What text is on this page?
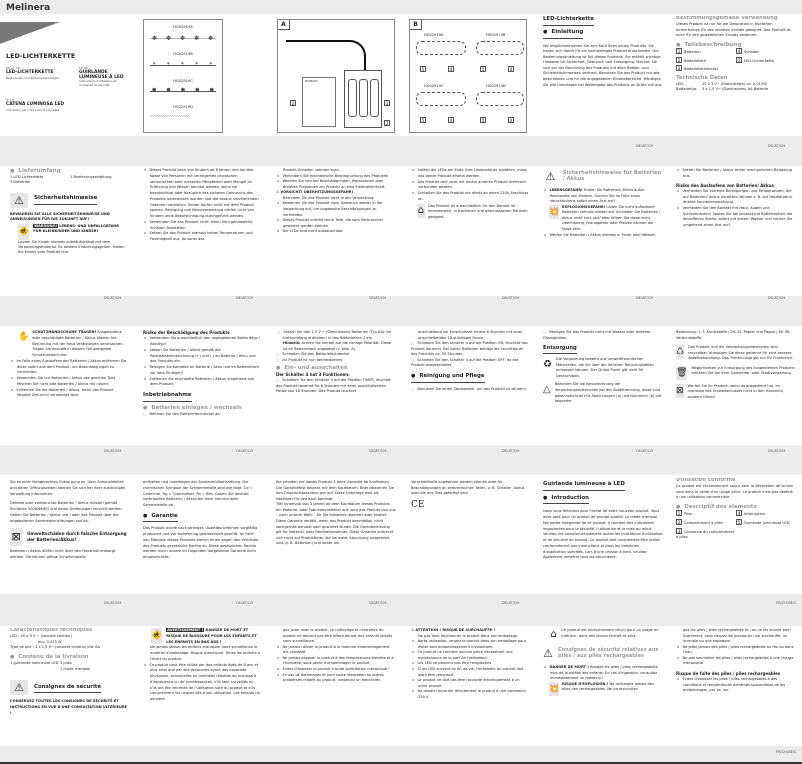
Melinera
LED-LICHTERKETTE
DE AT CH
LED-LICHTERKETTE
Bedienungs- und Sicherheitshinweise
FR BE
GUIRLANDE LUMINEUSE À LED
Instructions d'utilisation et consignes de sécurité
IT CH
CATENA LUMINOSA LED
Indicazioni per l'uso e per la sicurezza
HG02919A
✽✽✽✽✽
HG02919B
✶✶✶✶✶
HG02919C
●●●●●
HG02919D
〰〰〰〰〰〰〰〰〰
A
MULMOVO
2	1
2
B
HG02919A	HG02919B
HG02919C	HG02919D
5	4	5	4
5	4	5	4
LED-Lichterkette
● Einleitung

Wir beglückwünschen Sie zum Kauf Ihres neuen Produkts. Sie haben sich damit für ein hochwertiges Produkt entschieden. Die Bedienungsanleitung ist Teil dieses Produkts. Sie enthält wichtige Hinweise für Sicherheit, Gebrauch und Entsorgung. Machen Sie sich vor der Benutzung des Produkts mit allen Bedien- und Sicherheitshinweisen vertraut. Benutzen Sie das Produkt nur wie beschrieben und für die angegebenen Einsatzbereiche. Händigen Sie alle Unterlagen bei Weitergabe des Produkts an Dritte mit aus.

Bestimmungsgemäße Verwendung

Dieses Produkt ist nur für die Dekoration in trockenen Innenräumen für den privaten Einsatz geeignet. Das Produkt ist nicht für den gewerblichen Einsatz bestimmt.

● Teilebeschreibung
1 Batterien	4 Schalter
2 Batteriefach	5 LED-Lichterkette
3 Batteriefachdeckel
Technische Daten
LED:	20 x 3 V⎓ (Gleichstrom) ca. 0,015W
Batterietyp: 3 x 1,5 V⎓ (Gleichstrom) AA Batterie
DE/AT/CH	DE/AT/CH
● Lieferumfang
1 LED-Lichterkette	1 Bedienungsanleitung
3 Batterien
⚠	Sicherheitshinweise

BEWAHREN SIE ALLE SICHERHEITSHINWEISE UND ANWEISUNGEN FÜR DIE ZUKUNFT AUF!

🚸
WARNUNG! LEBENS- UND UNFALLGEFAHR FÜR KLEINKINDER UND KINDER!

Lassen Sie Kinder niemals unbeaufsichtigt mit dem Verpackungsmaterial. Es besteht Erstickungsgefahr. Halten Sie Kinder vom Produkt fern.

▪ Dieses Produkt kann von Kindern ab 8 Jahren und darüber sowie von Personen mit verringerten physischen, sensorischen oder mentalen Fähigkeiten oder Mangel an Erfahrung und Wissen benutzt werden, wenn sie beaufsichtigt oder bezüglich des sicheren Gebrauchs des Produkts unterwiesen wurden und die daraus resultierenden Gefahren verstehen. Kinder dürfen nicht mit dem Produkt spielen. Reinigung und Benutzerwartung dürfen nicht von Kindern ohne Beaufsichtigung durchgeführt werden.

▪ Verwenden Sie das Produkt nicht, wenn Sie irgendwelche Schäden feststellen.

▪ Setzen Sie das Produkt niemals hohen Temperaturen und Feuchtigkeit aus, da sonst das

Produkt Schaden nehmen kann.

▪ Verhindern Sie mechanische Beanspruchung des Produkts!

▪ Wenden Sie sich bei Beschädigungen, Reparaturen oder anderen Problemen am Produkt an eine Elektrofachkraft.

⚠ VORSICHT! ÜBERHITZUNGSGEFAHR!

Betreiben Sie das Produkt nicht in der Verpackung.

▪ Bewahren Sie das Produkt nach Gebrauch wieder in der Verpackung auf, um ungewollte Beschädigungen zu vermeiden.

▪ Dieses Produkt enthält keine Teile, die vom Verbraucher gewartet werden können.

▪ Die LEDs sind nicht austauschbar.

▪ Sollten die LEDs am Ende ihrer Lebensdauer ausfallen, muss das ganze Produkt ersetzt werden.

▪ Das Produkt darf nicht mit einem anderen Produkt elektrisch verbunden werden.

▪ Schließen Sie das Produkt nie direkt an einen 230V-Anschluss an.

⌂ Das Produkt ist ausschließlich für den Betrieb im Innenbereich, in trockenen und geschlossenen Räumen geeignet.

⚠	Sicherheitshinweise für Batterien / Akkus

▪ LEBENSGEFAHR! Halten Sie Batterien/ Akkus außer Reichweite von Kindern. Suchen Sie im Falle eines Verschluckens sofort einen Arzt auf!

💥 EXPLOSIONSGEFAHR! Laden Sie nicht aufladbare Batterien niemals wieder auf. Schließen Sie Batterien / Akkus nicht kurz und/ oder öffnen Sie diese nicht. Überhitzung, Brandgefahr oder Platzen können die Folge sein.

▪ Werfen Sie Batterien / Akkus niemals in Feuer oder Wasser.

▪ Setzen Sie Batterien / Akkus keiner mechanischen Belastung aus.

Risiko des Auslaufens von Batterien/ Akkus

▪ Vermeiden Sie extreme Bedingungen und Temperaturen, die auf Batterien/ Akkus einwirken können z. B. auf Heizkörpern/ direkte Sonneneinstrahlung.

▪ Vermeiden Sie den Kontakt mit Haut, Augen und Schleimhäuten! Spülen Sie bei Kontakt mit Batteriesäure die betroffenen Stellen sofort mit klarem Wasser und suchen Sie umgehend einen Arzt auf!

DE/AT/CH	DE/AT/CH	DE/AT/CH	DE/AT/CH	DE/AT/CH	DE/AT/CH
✋ SCHUTZHANDSCHUHE TRAGEN! Ausgelaufene oder beschädigte Batterien / Akkus können bei Berührung mit der Haut Verätzungen verursachen. Tragen Sie deshalb in diesem Fall geeignete Schutzhandschuhe.

▪ Im Falle eines Auslaufens der Batterien / Akkus entfernen Sie diese sofort aus dem Produkt, um Beschädigungen zu vermeiden.

▪ Verwenden Sie nur Batterien / Akkus des gleichen Typs. Mischen Sie nicht alte Batterien / Akkus mit neuen!

▪ Entfernen Sie die Batterien / Akkus, wenn das Produkt längere Zeit nicht verwendet wird.

Risiko der Beschädigung des Produkts

▪ Verwenden Sie ausschließlich den angegebenen Batterietyp / Akkutyp!

▪ Setzen Sie Batterien / Akkus gemäß der Polaritätskennzeichnung (+) und (-) an Batterie / Akku und des Produkts ein.

▪ Reinigen Sie Kontakte an Batterie / Akku und im Batteriefach vor dem Einlegen!

▪ Entfernen Sie erschöpfte Batterien / Akkus umgehend aus dem Produkt.

Inbetriebnahme
● Batterien einlegen / wechseln

□ Nehmen Sie den Batteriefachdeckel ab.

□ Setzen Sie drei 1,5 V ⎓ (Gleichstrom) Batterien (Typ AA) (im Lieferumfang enthalten) in das Batteriefach 2 ein.

Hinweis: Achten Sie hierbei auf die richtige Polarität. Diese ist im Batteriefach angezeigt (s. Abb. A).

□ Schließen Sie den Batteriefachdeckel.

□ Ihr Produkt ist nun betriebsbereit.

● Ein- und ausschalten

Der Schalter 4 hat 3 Funktionen:

□ Schieben Sie den Schalter 4 auf die Position TIMER, leuchtet das Produkt dauernd für 6 Stunden mit einer anschließenden Pause von 18 Stunden. Das Produkt leuchtet

anschließend zur Einschaltzeit erneut 6 Stunden mit einer anschließenden 18-stündigen Pause.

□ Schieben Sie den Schalter 4 auf die Position ON, leuchtet das Produkt dauernd. Bei vollen Batterien beträgt die Leuchtdauer des Produkts ca. 50 Stunden.

□ Schieben Sie den Schalter 4 auf die Position OFF, ist das Produkt ausgeschaltet.

● Reinigung und Pflege

□ Benutzen Sie einen Staubwedel, um das Produkt zu säubern.

□ Reinigen Sie das Produkt nicht mit Wasser oder anderen Flüssigkeiten.

Entsorgung
♻ Die Verpackung besteht aus umweltfreundlichen Materialien, die Sie über die örtlichen Recyclingstellen entsorgen können. Der Grüne Punkt gilt nicht für Deutschland.

△ Beachten Sie die Kennzeichnung der Verpackungsmaterialien bei der Abfalltrennung, diese sind gekennzeichnet mit Abkürzungen (a) und Nummern (b) mit folgender

Bedeutung: 1–7: Kunststoffe / 20–22: Papier und Pappe / 80–98: Verbundstoffe.

♺ Das Produkt und die Verpackungsmaterialien sind recycelbar, entsorgen Sie diese getrennt für eine bessere Abfallbehandlung. Das Triman-Logo gilt nur für Frankreich.

🗑 Möglichkeiten zur Entsorgung des ausgedienten Produkts erfahren Sie bei Ihrer Gemeinde- oder Stadtverwaltung.

⊠ Werfen Sie Ihr Produkt, wenn es ausgedient hat, im Interesse des Umweltschutzes nicht in den Hausmüll, sondern führen

DE/AT/CH	DE/AT/CH	DE/AT/CH	DE/AT/CH	DE/AT/CH	DE/AT/CH

Sie es einer fachgerechten Entsorgung zu. Über Sammelstellen und deren Öffnungszeiten können Sie sich bei Ihrer zuständigen Verwaltung informieren.

Defekte oder verbrauchte Batterien / Akkus müssen gemäß Richtlinie 2006/66/EG und deren Änderungen recycelt werden. Geben Sie Batterien / Akkus und / oder das Produkt über die angebotenen Sammeleinrichtungen zurück.

⊠	Umweltschäden durch falsche Entsorgung der Batterien/Akkus!

Batterien / Akkus dürfen nicht über den Hausmüll entsorgt werden. Sie können giftige Schwermetalle

enthalten und unterliegen der Sondermüllbehandlung. Die chemischen Symbole der Schwermetalle sind wie folgt: Cd = Cadmium, Hg = Quecksilber, Pb = Blei. Geben Sie deshalb verbrauchte Batterien / Akkus bei einer kommunalen Sammelstelle ab.

● Garantie

Das Produkt wurde nach strengen Qualitätsrichtlinien sorgfältig produziert und vor Anlieferung gewissenhaft geprüft. Im Falle von Mängeln dieses Produkts stehen Ihnen gegen den Verkäufer des Produkts gesetzliche Rechte zu. Diese gesetzlichen Rechte werden durch unsere im Folgenden dargestellte Garantie nicht eingeschränkt.

Sie erhalten auf dieses Produkt 3 Jahre Garantie ab Kaufdatum. Die Garantiefrist beginnt mit dem Kaufdatum. Bitte bewahren Sie den Original-Kassenbon gut auf. Diese Unterlage wird als Nachweis für den Kauf benötigt.

Tritt innerhalb von 3 Jahren ab dem Kaufdatum dieses Produkts ein Material- oder Fabrikationsfehler auf, wird das Produkt von uns – nach unserer Wahl – für Sie kostenlos repariert oder ersetzt. Diese Garantie verfällt, wenn das Produkt beschädigt, nicht sachgemäß benutzt oder gewartet wurde. Die Garantieleistung gilt für Material- oder Fabrikationsfehler. Diese Garantie erstreckt sich nicht auf Produktteile, die normaler Abnutzung ausgesetzt sind (z. B. Batterien) und daher als

Verschleißteile angesehen werden können oder für Beschädigungen an zerbrechlichen Teilen, z. B. Schalter, Akkus oder die aus Glas gefertigt sind.

CE
Guirlande lumineuse à LED
● Introduction

Nous vous félicitons pour l'achat de votre nouveau produit. Vous avez opté pour un produit de grande qualité. Le mode d'emploi fait partie intégrante de ce produit. Il contient des indications importantes pour la sécurité, l'utilisation et la mise au rebut. Veuillez lire consciencieusement toutes les indications d'utilisation et de sécurité du produit. Ce produit doit uniquement être utilisé conformément aux instructions et dans les domaines d'application spécifiés. Lors d'une cession à tiers, veuillez également remettre tous les documents.

Utilisation conforme

Ce produit est exclusivement conçu pour la décoration de locaux secs dans le cadre d'un usage privé. Le produit n'est pas destiné à une utilisation commerciale.

● Descriptif des éléments
1 Piles	4 Interrupteur
2 Compartiment à piles	5 Guirlande lumineuse LED
3 Couvercle du compartiment à piles
DE/AT/CH	DE/AT/CH	DE/AT/CH	DE/AT/CH	FR/CH/BE/C
Caractéristiques techniques

LED : 20 x 3 V ⎓ (courant continu)

env. 0,015 W

Type de pile : 3 x 1,5 V⎓ (courant continu) pile AA

● Contenu de la livraison
1 guirlande lumineuse LED 3 piles
1 mode d'emploi
⚠	Consignes de sécurité

CONSERVEZ TOUTES LES CONSIGNES DE SÉCURITÉ ET INSTRUCTIONS EN VUE D'UNE CONSULTATION ULTÉRIEURE !

🚸

AVERTISSEMENT ! DANGER DE MORT ET RISQUE DE BLESSURE POUR LES ENFANTS ET LES ENFANTS EN BAS ÂGE !

Ne jamais laisser les enfants manipuler sans surveillance le matériel d'emballage. Risque d'asphyxie. Tenez les enfants à l'écart du produit.

▪ Ce produit peut être utilisé par des enfants âgés de 8 ans et plus ainsi que par des personnes ayant des capacités physiques, sensorielles ou mentales réduites ou manquant d'expérience ou de connaissances, s'ils sont surveillés ou s'ils ont été informés de l'utilisation sûre du produit et s'ils comprennent les risques liés à son utilisation. Les enfants ne peuvent

pas jouer avec le produit. Le nettoyage et l'entretien du produit ne doivent pas être effectués par des enfants laissés sans surveillance.

▪ Ne jamais utiliser le produit si le moindre endommagement est constaté.

▪ Ne jamais exposer le produit à des températures élevées et à l'humidité, sous peine d'endommager le produit.

▪ Évitez d'exposer le produit à toute sollicitation mécanique !

▪ En cas de dommages et pour toute réparation ou autres problèmes relatifs au produit, contactez un électricien.

⚠ ATTENTION ! RISQUE DE SURCHAUFFE !

Ne pas faire fonctionner le produit dans son emballage.

▪ Après utilisation, rangez le produit dans son emballage pour éviter tout endommagement involontaire.

▪ Ce produit ne contient aucune pièce nécessitant une maintenance de la part de l'utilisateur.

▪ Les LED ne peuvent pas être remplacées.

▪ Si les LED arrivent en fin de vie, l'ensemble du produit doit alors être remplacé.

▪ Le produit ne doit pas être raccordé électriquement à un autre produit.

▪ Ne jamais raccorder directement le produit à une connexion 230 V.

⌂	Ce produit est exclusivement conçu pour un usage en intérieur, dans des locaux fermés et secs.

⚠ Consignes de sécurité relatives aux piles / aux piles rechargeables

▪ DANGER DE MORT ! Rangez les piles / piles rechargeables hors de la portée des enfants. En cas d'ingestion, consultez immédiatement un médecin !

💥 RISQUE D'EXPLOSION ! Ne rechargez jamais des piles non rechargeables. Ne courtcircuitez

pas les piles / piles rechargeables et / ou ne les ouvrez pas ! Autrement, vous risquez de provoquer une surchauffe, un incendie ou une explosion.

▪ Ne jetez jamais des piles / piles rechargeables au feu ou dans l'eau.

▪ Ne pas soumettre les piles / piles rechargeables à une charge mécanique.

Risque de fuite des piles / piles rechargeables

▪ Évitez d'exposer les piles / piles rechargeables à des conditions et températures extrêmes susceptibles de les endommager, par ex. sur

FR/CH/BE/C
